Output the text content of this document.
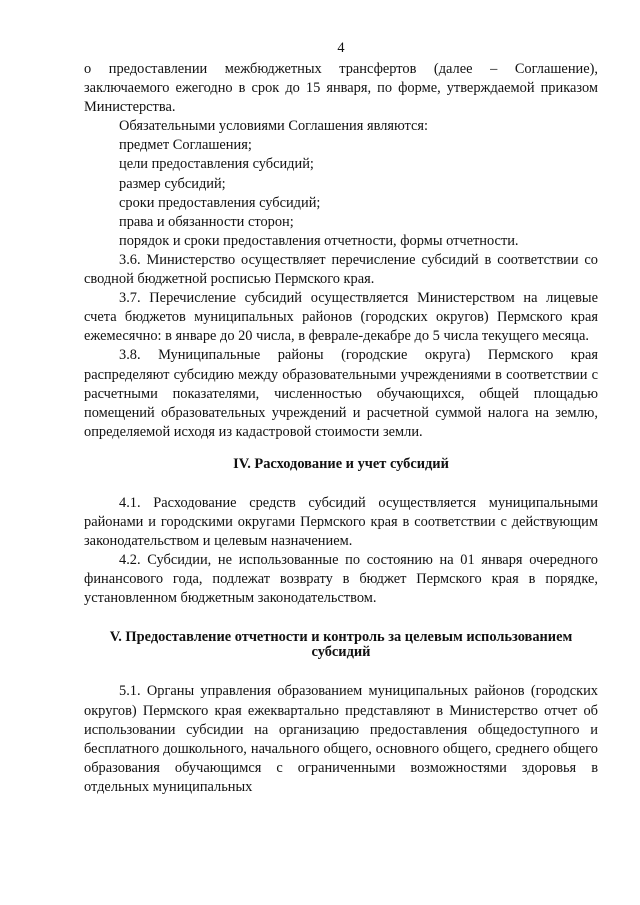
4

о предоставлении межбюджетных трансфертов (далее – Соглашение), заключаемого ежегодно в срок до 15 января, по форме, утверждаемой приказом Министерства.

Обязательными условиями Соглашения являются:

предмет Соглашения;

цели предоставления субсидий;

размер субсидий;

сроки предоставления субсидий;

права и обязанности сторон;

порядок и сроки предоставления отчетности, формы отчетности.

3.6. Министерство осуществляет перечисление субсидий в соответствии со сводной бюджетной росписью Пермского края.

3.7. Перечисление субсидий осуществляется Министерством на лицевые счета бюджетов муниципальных районов (городских округов) Пермского края ежемесячно: в январе до 20 числа, в феврале-декабре до 5 числа текущего месяца.

3.8. Муниципальные районы (городские округа) Пермского края распределяют субсидию между образовательными учреждениями в соответствии с расчетными показателями, численностью обучающихся, общей площадью помещений образовательных учреждений и расчетной суммой налога на землю, определяемой исходя из кадастровой стоимости земли.

IV. Расходование и учет субсидий

4.1. Расходование средств субсидий осуществляется муниципальными районами и городскими округами Пермского края в соответствии с действующим законодательством и целевым назначением.

4.2. Субсидии, не использованные по состоянию на 01 января очередного финансового года, подлежат возврату в бюджет Пермского края в порядке, установленном бюджетным законодательством.

V. Предоставление отчетности и контроль за целевым использованием
субсидий

5.1. Органы управления образованием муниципальных районов (городских округов) Пермского края ежеквартально представляют в Министерство отчет об использовании субсидии на организацию предоставления общедоступного и бесплатного дошкольного, начального общего, основного общего, среднего общего образования обучающимся с ограниченными возможностями здоровья в отдельных муниципальных
